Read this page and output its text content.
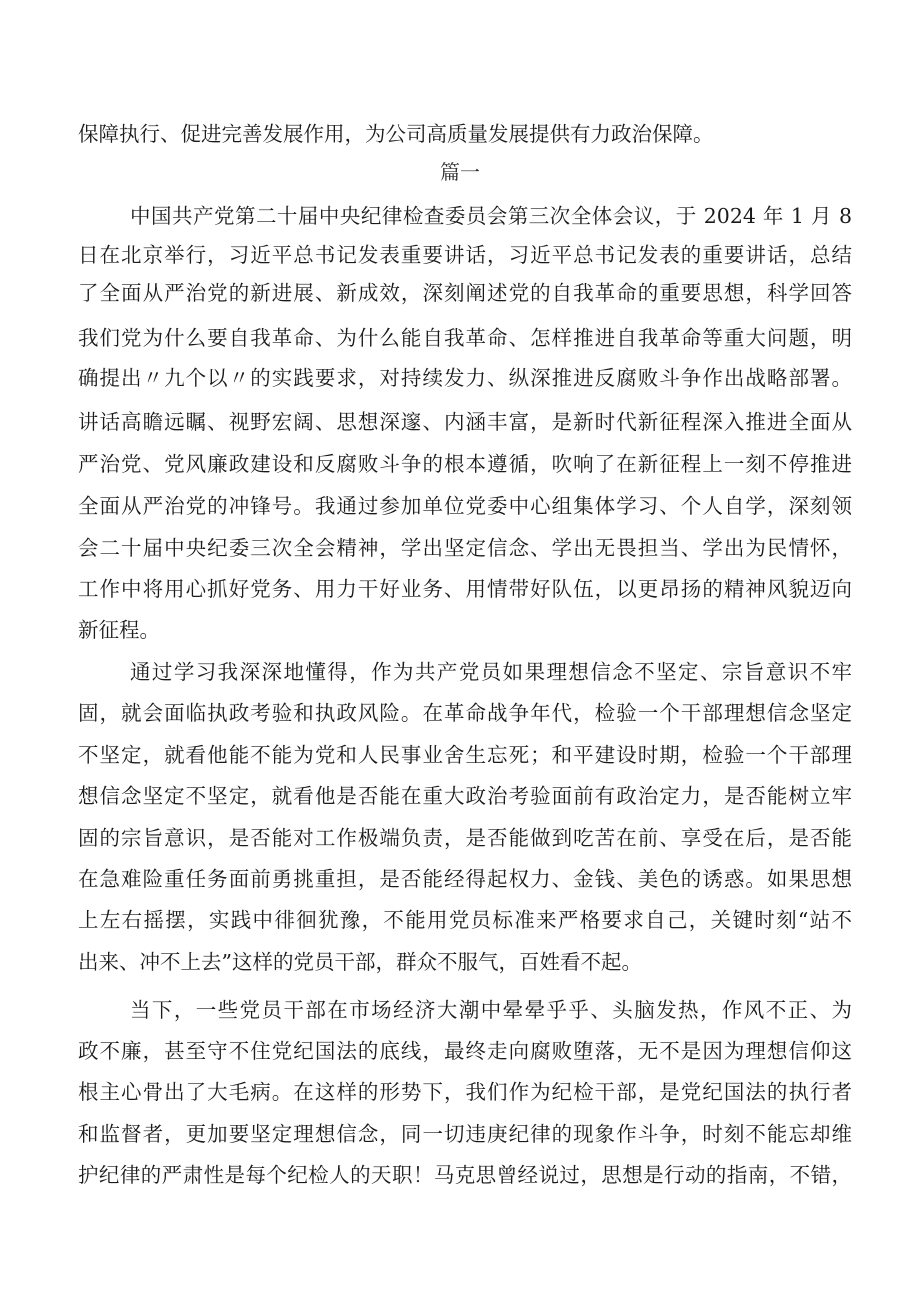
保障执行、促进完善发展作用，为公司高质量发展提供有力政治保障。
篇一
中国共产党第二十届中央纪律检查委员会第三次全体会议，于 2024 年 1 月 8
日在北京举行，习近平总书记发表重要讲话，习近平总书记发表的重要讲话，总结
了全面从严治党的新进展、新成效，深刻阐述党的自我革命的重要思想，科学回答
我们党为什么要自我革命、为什么能自我革命、怎样推进自我革命等重大问题，明
确提出〃九个以〃的实践要求，对持续发力、纵深推进反腐败斗争作出战略部署。
讲话高瞻远瞩、视野宏阔、思想深邃、内涵丰富，是新时代新征程深入推进全面从
严治党、党风廉政建设和反腐败斗争的根本遵循，吹响了在新征程上一刻不停推进
全面从严治党的冲锋号。我通过参加单位党委中心组集体学习、个人自学，深刻领
会二十届中央纪委三次全会精神，学出坚定信念、学出无畏担当、学出为民情怀，
工作中将用心抓好党务、用力干好业务、用情带好队伍，以更昂扬的精神风貌迈向
新征程。
通过学习我深深地懂得，作为共产党员如果理想信念不坚定、宗旨意识不牢
固，就会面临执政考验和执政风险。在革命战争年代，检验一个干部理想信念坚定
不坚定，就看他能不能为党和人民事业舍生忘死；和平建设时期，检验一个干部理
想信念坚定不坚定，就看他是否能在重大政治考验面前有政治定力，是否能树立牢
固的宗旨意识，是否能对工作极端负责，是否能做到吃苦在前、享受在后，是否能
在急难险重任务面前勇挑重担，是否能经得起权力、金钱、美色的诱惑。如果思想
上左右摇摆，实践中徘徊犹豫，不能用党员标准来严格要求自己，关键时刻“站不
出来、冲不上去”这样的党员干部，群众不服气，百姓看不起。
当下，一些党员干部在市场经济大潮中晕晕乎乎、头脑发热，作风不正、为
政不廉，甚至守不住党纪国法的底线，最终走向腐败堕落，无不是因为理想信仰这
根主心骨出了大毛病。在这样的形势下，我们作为纪检干部，是党纪国法的执行者
和监督者，更加要坚定理想信念，同一切违庚纪律的现象作斗争，时刻不能忘却维
护纪律的严肃性是每个纪检人的天职！马克思曾经说过，思想是行动的指南，不错，
